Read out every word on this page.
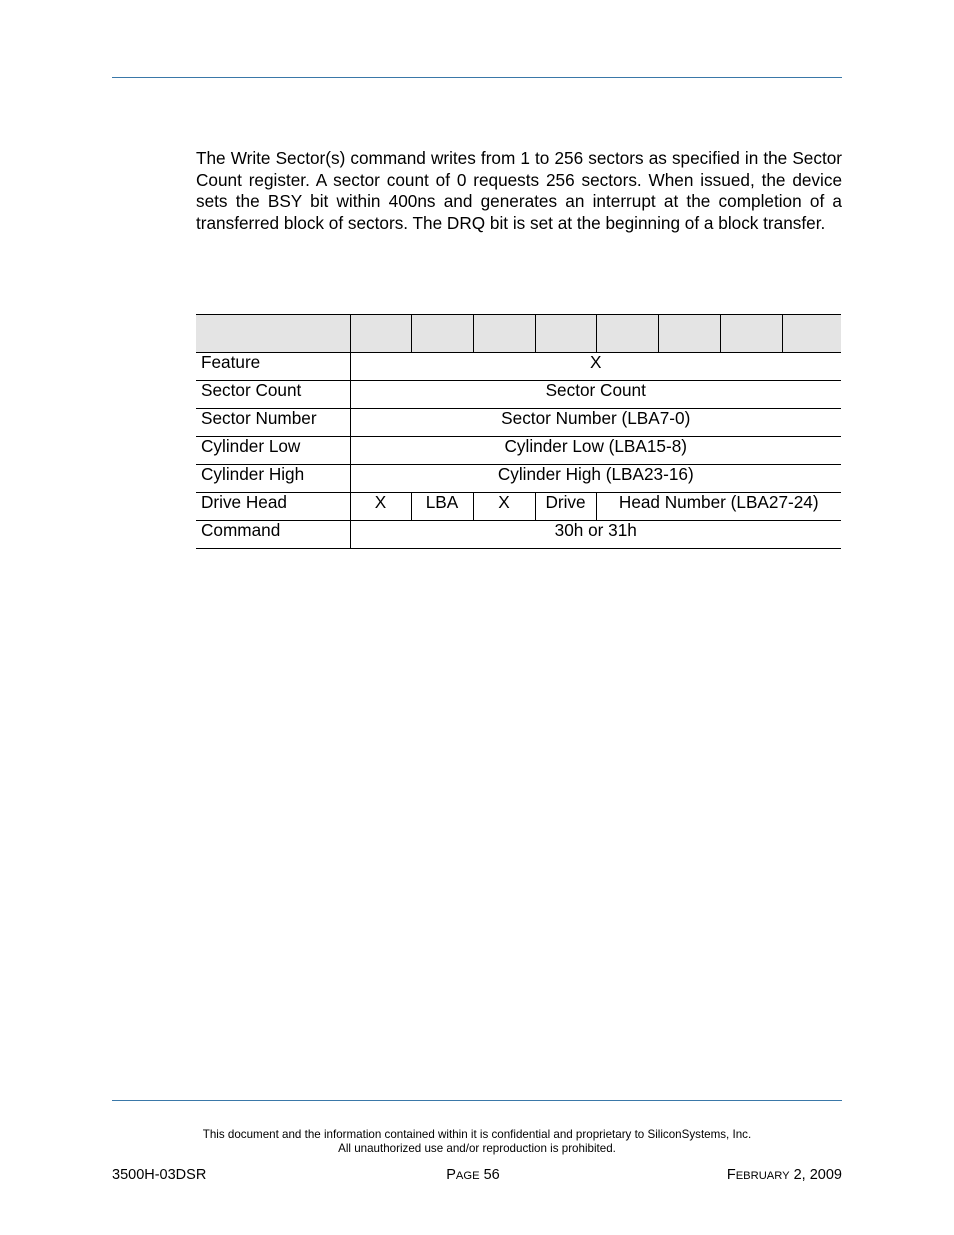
The Write Sector(s) command writes from 1 to 256 sectors as specified in the Sector Count register. A sector count of 0 requests 256 sectors. When issued, the device sets the BSY bit within 400ns and generates an interrupt at the completion of a transferred block of sectors. The DRQ bit is set at the beginning of a block transfer.

Feature	X							
Sector Count	Sector Count							
Sector Number	Sector Number (LBA7-0)							
Cylinder Low	Cylinder Low (LBA15-8)							
Cylinder High	Cylinder High (LBA23-16)							
Drive Head	X	LBA	X	Drive	Head Number (LBA27-24)			
Command	30h or 31h							
This document and the information contained within it is confidential and proprietary to SiliconSystems, Inc.
All unauthorized use and/or reproduction is prohibited.
3500H-03DSR	PAGE 56	FEBRUARY 2, 2009
